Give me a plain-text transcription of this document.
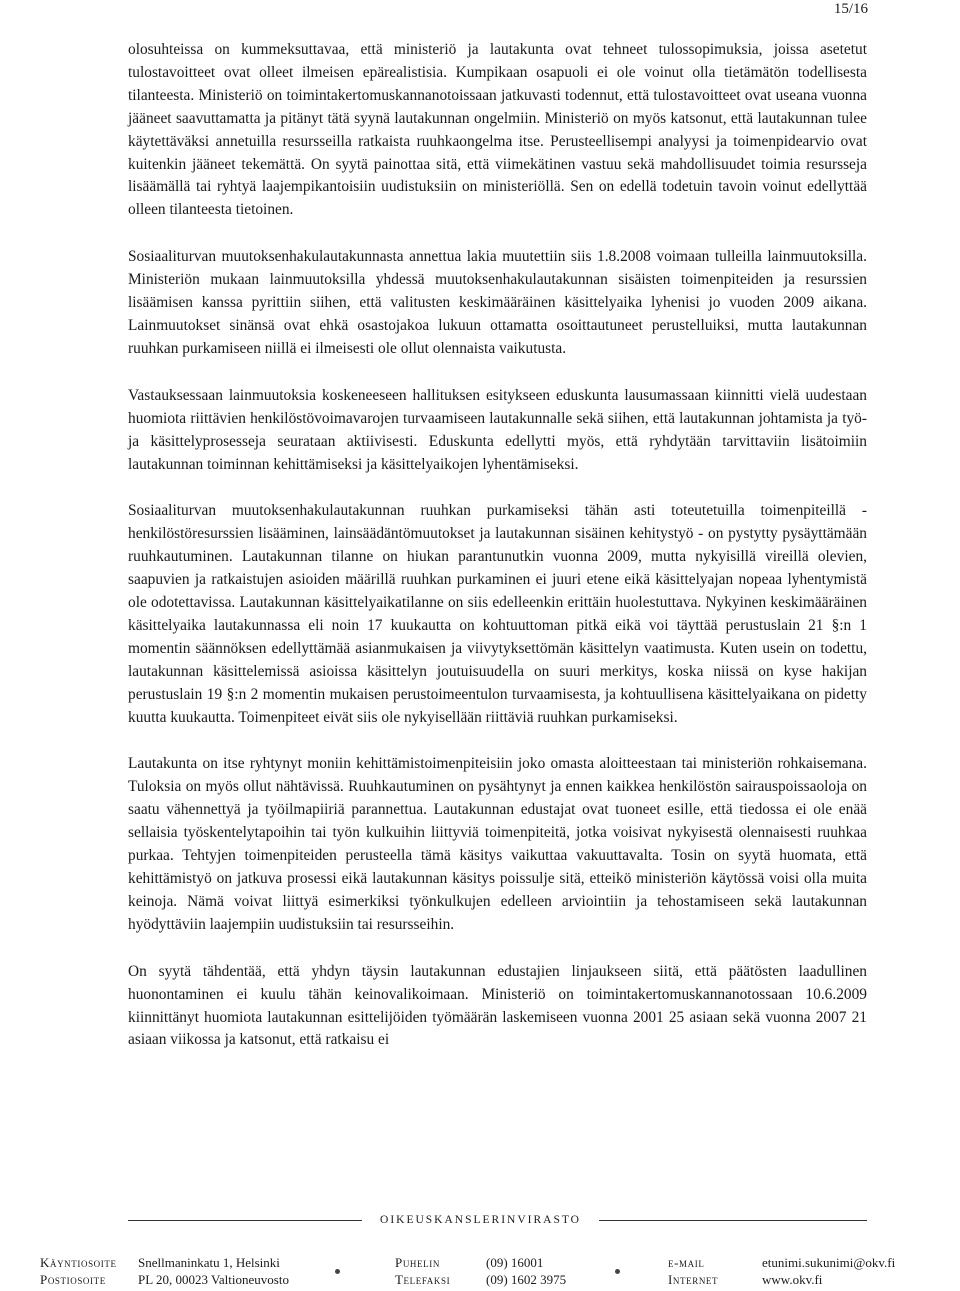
15/16

olosuhteissa on kummeksuttavaa, että ministeriö ja lautakunta ovat tehneet tulossopimuksia, joissa asetetut tulostavoitteet ovat olleet ilmeisen epärealistisia. Kumpikaan osapuoli ei ole voinut olla tietämätön todellisesta tilanteesta. Ministeriö on toimintakertomuskannanotoissaan jatkuvasti todennut, että tulostavoitteet ovat useana vuonna jääneet saavuttamatta ja pitänyt tätä syynä lautakunnan ongelmiin. Ministeriö on myös katsonut, että lautakunnan tulee käytettäväksi annetuilla resursseilla ratkaista ruuhkaongelma itse. Perusteellisempi analyysi ja toimenpidearvio ovat kuitenkin jääneet tekemättä. On syytä painottaa sitä, että viimekätinen vastuu sekä mahdollisuudet toimia resursseja lisäämällä tai ryhtyä laajempikantoisiin uudistuksiin on ministeriöllä. Sen on edellä todetuin tavoin voinut edellyttää olleen tilanteesta tietoinen.

Sosiaaliturvan muutoksenhakulautakunnasta annettua lakia muutettiin siis 1.8.2008 voimaan tulleilla lainmuutoksilla. Ministeriön mukaan lainmuutoksilla yhdessä muutoksenhakulautakunnan sisäisten toimenpiteiden ja resurssien lisäämisen kanssa pyrittiin siihen, että valitusten keskimääräinen käsittelyaika lyhenisi jo vuoden 2009 aikana. Lainmuutokset sinänsä ovat ehkä osastojakoa lukuun ottamatta osoittautuneet perustelluiksi, mutta lautakunnan ruuhkan purkamiseen niillä ei ilmeisesti ole ollut olennaista vaikutusta.

Vastauksessaan lainmuutoksia koskeneeseen hallituksen esitykseen eduskunta lausumassaan kiinnitti vielä uudestaan huomiota riittävien henkilöstövoimavarojen turvaamiseen lautakunnalle sekä siihen, että lautakunnan johtamista ja työ- ja käsittelyprosesseja seurataan aktiivisesti. Eduskunta edellytti myös, että ryhdytään tarvittaviin lisätoimiin lautakunnan toiminnan kehittämiseksi ja käsittelyaikojen lyhentämiseksi.

Sosiaaliturvan muutoksenhakulautakunnan ruuhkan purkamiseksi tähän asti toteutetuilla toimenpiteillä - henkilöstöresurssien lisääminen, lainsäädäntömuutokset ja lautakunnan sisäinen kehitystyö - on pystytty pysäyttämään ruuhkautuminen. Lautakunnan tilanne on hiukan parantunutkin vuonna 2009, mutta nykyisillä vireillä olevien, saapuvien ja ratkaistujen asioiden määrillä ruuhkan purkaminen ei juuri etene eikä käsittelyajan nopeaa lyhentymistä ole odotettavissa. Lautakunnan käsittelyaikatilanne on siis edelleenkin erittäin huolestuttava. Nykyinen keskimääräinen käsittelyaika lautakunnassa eli noin 17 kuukautta on kohtuuttoman pitkä eikä voi täyttää perustuslain 21 §:n 1 momentin säännöksen edellyttämää asianmukaisen ja viivytyksettömän käsittelyn vaatimusta. Kuten usein on todettu, lautakunnan käsittelemissä asioissa käsittelyn joutuisuudella on suuri merkitys, koska niissä on kyse hakijan perustuslain 19 §:n 2 momentin mukaisen perustoimeentulon turvaamisesta, ja kohtuullisena käsittelyaikana on pidetty kuutta kuukautta. Toimenpiteet eivät siis ole nykyisellään riittäviä ruuhkan purkamiseksi.

Lautakunta on itse ryhtynyt moniin kehittämistoimenpiteisiin joko omasta aloitteestaan tai ministeriön rohkaisemana. Tuloksia on myös ollut nähtävissä. Ruuhkautuminen on pysähtynyt ja ennen kaikkea henkilöstön sairauspoissaoloja on saatu vähennettyä ja työilmapiiriä parannettua. Lautakunnan edustajat ovat tuoneet esille, että tiedossa ei ole enää sellaisia työskentelytapoihin tai työn kulkuihin liittyviä toimenpiteitä, jotka voisivat nykyisestä olennaisesti ruuhkaa purkaa. Tehtyjen toimenpiteiden perusteella tämä käsitys vaikuttaa vakuuttavalta. Tosin on syytä huomata, että kehittämistyö on jatkuva prosessi eikä lautakunnan käsitys poissulje sitä, etteikö ministeriön käytössä voisi olla muita keinoja. Nämä voivat liittyä esimerkiksi työnkulkujen edelleen arviointiin ja tehostamiseen sekä lautakunnan hyödyttäviin laajempiin uudistuksiin tai resursseihin.

On syytä tähdentää, että yhdyn täysin lautakunnan edustajien linjaukseen siitä, että päätösten laadullinen huonontaminen ei kuulu tähän keinovalikoimaan. Ministeriö on toimintakertomuskannanotossaan 10.6.2009 kiinnittänyt huomiota lautakunnan esittelijöiden työmäärän laskemiseen vuonna 2001 25 asiaan sekä vuonna 2007 21 asiaan viikossa ja katsonut, että ratkaisu ei

OIKEUSKANSLERINVIRASTO
Käyntiosoite Snellmaninkatu 1, Helsinki	Puhelin	(09) 16001	e-mail	etunimi.sukunimi@okv.fi
Postiosoite PL 20, 00023 Valtioneuvosto	Telefaksi	(09) 1602 3975	Internet	www.okv.fi
